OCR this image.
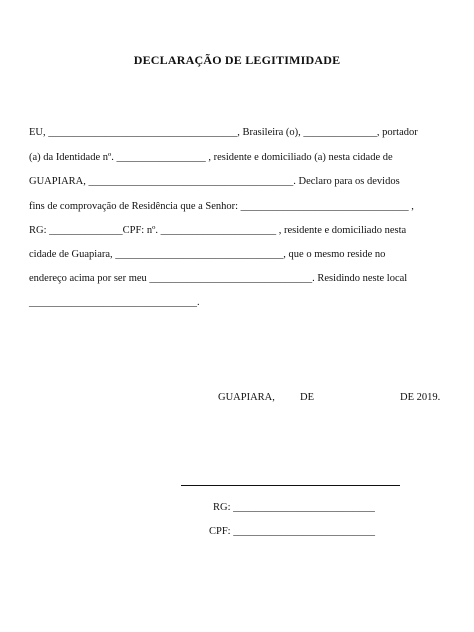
DECLARAÇÃO DE LEGITIMIDADE
EU, ____________________________________, Brasileira (o), ______________, portador
(a) da Identidade nº. _________________ , residente e domiciliado (a) nesta cidade de
GUAPIARA, _______________________________________. Declaro para os devidos
fins de comprovação de Residência que a Senhor: ________________________________ ,
RG: ______________CPF: nº. ______________________ , residente e domiciliado nesta
cidade de Guapiara, ________________________________, que o mesmo reside no
endereço acima por ser meu _______________________________. Residindo neste local
________________________________.
GUAPIARA, DE	DE 2019.
RG: ___________________________
CPF: ___________________________
